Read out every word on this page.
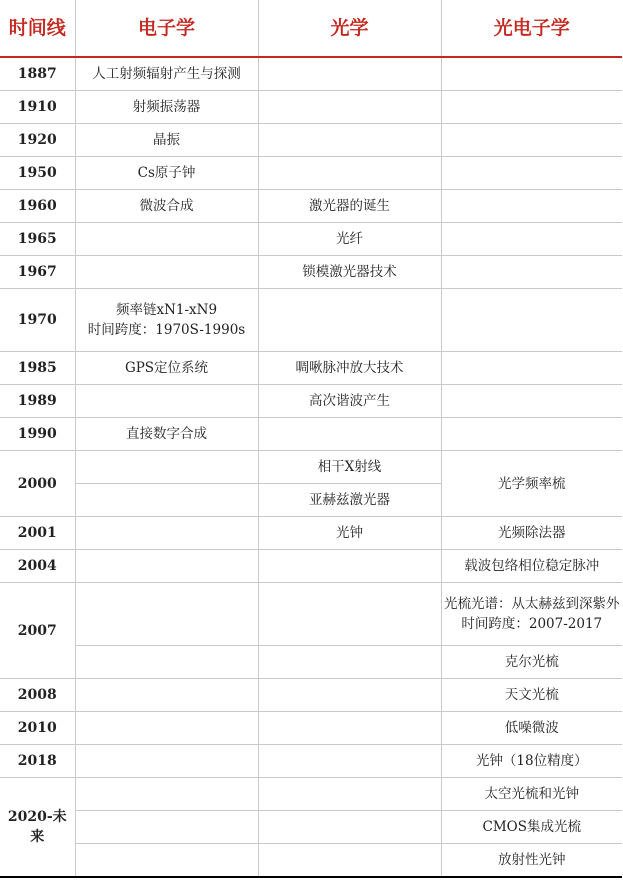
时间线	电子学	光学	光电子学
1887	人工射频辐射产生与探测		
1910	射频振荡器		
1920	晶振		
1950	Cs原子钟		
1960	微波合成	激光器的诞生	
1965		光纤	
1967		锁模激光器技术	
1970	频率链xN1-xN9
时间跨度：1970S-1990s		

1985	GPS定位系统	啁啾脉冲放大技术	
1989		高次谐波产生	
1990	直接数字合成		
2000		相干X射线	光学频率梳
		亚赫兹激光器	
2001		光钟	光频除法器
2004			载波包络相位稳定脉冲
2007			光梳光谱：从太赫兹到深紫外
时间跨度：2007-2017

			克尔光梳
2008			天文光梳
2010			低噪微波
2018			光钟（18位精度）
2020-未来			太空光梳和光钟
			CMOS集成光梳
			放射性光钟
